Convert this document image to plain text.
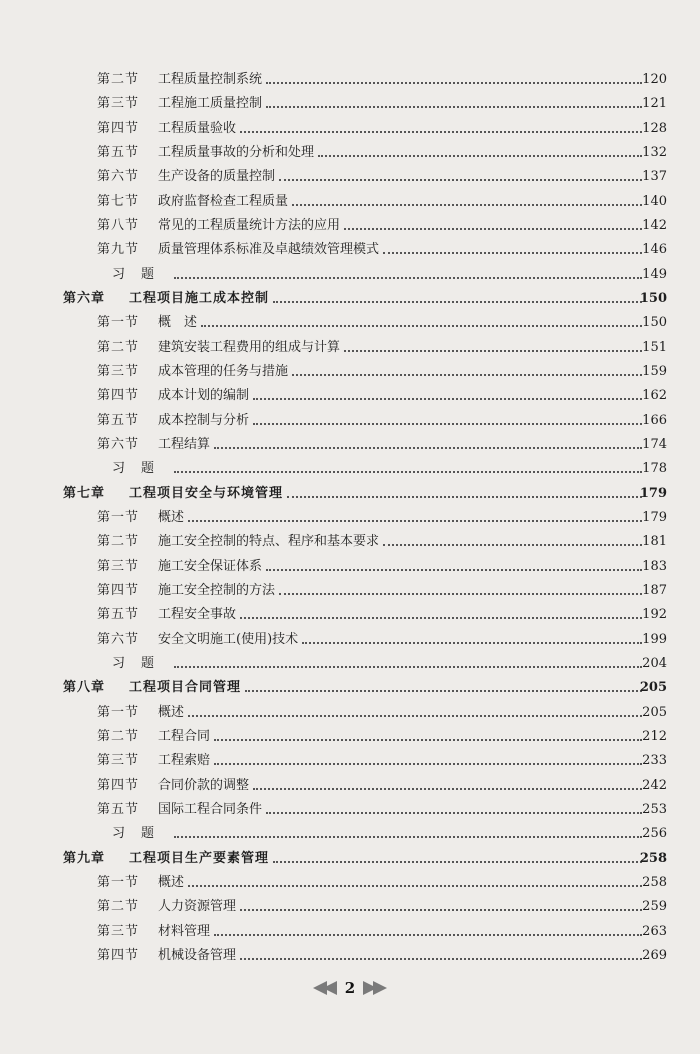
第二节	工程质量控制系统	120
第三节	工程施工质量控制	121
第四节	工程质量验收	128
第五节	工程质量事故的分析和处理	132
第六节	生产设备的质量控制	137
第七节	政府监督检查工程质量	140
第八节	常见的工程质量统计方法的应用	142
第九节	质量管理体系标准及卓越绩效管理模式	146
习题	149
第六章	工程项目施工成本控制	150
第一节	概　述	150
第二节	建筑安装工程费用的组成与计算	151
第三节	成本管理的任务与措施	159
第四节	成本计划的编制	162
第五节	成本控制与分析	166
第六节	工程结算	174
习题	178
第七章	工程项目安全与环境管理	179
第一节	概述	179
第二节	施工安全控制的特点、程序和基本要求	181
第三节	施工安全保证体系	183
第四节	施工安全控制的方法	187
第五节	工程安全事故	192
第六节	安全文明施工(使用)技术	199
习题	204
第八章	工程项目合同管理	205
第一节	概述	205
第二节	工程合同	212
第三节	工程索赔	233
第四节	合同价款的调整	242
第五节	国际工程合同条件	253
习题	256
第九章	工程项目生产要素管理	258
第一节	概述	258
第二节	人力资源管理	259
第三节	材料管理	263
第四节	机械设备管理	269
2
